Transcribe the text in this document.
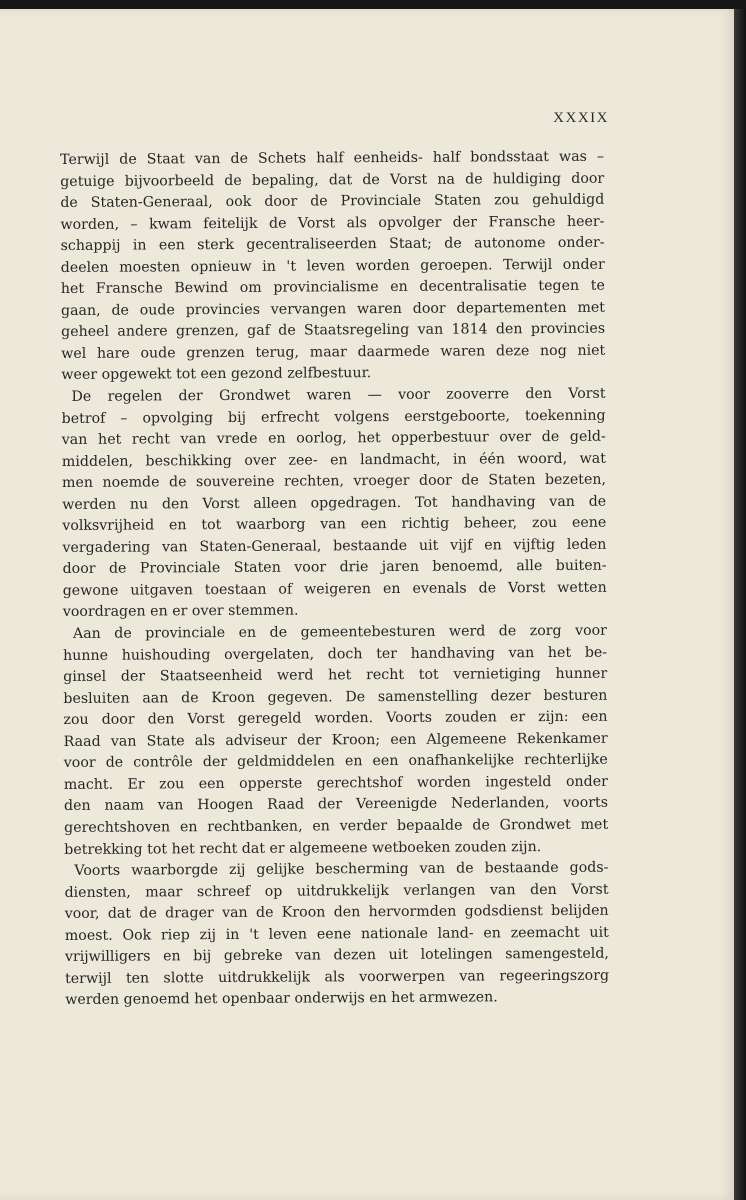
XXXIX
Terwijl de Staat van de Schets half eenheids- half bondsstaat was –
getuige bijvoorbeeld de bepaling, dat de Vorst na de huldiging door
de Staten-Generaal, ook door de Provinciale Staten zou gehuldigd
worden, – kwam feitelijk de Vorst als opvolger der Fransche heer-
schappij in een sterk gecentraliseerden Staat; de autonome onder-
deelen moesten opnieuw in 't leven worden geroepen. Terwijl onder
het Fransche Bewind om provincialisme en decentralisatie tegen te
gaan, de oude provincies vervangen waren door departementen met
geheel andere grenzen, gaf de Staatsregeling van 1814 den provincies
wel hare oude grenzen terug, maar daarmede waren deze nog niet
weer opgewekt tot een gezond zelfbestuur.
De regelen der Grondwet waren — voor zooverre den Vorst
betrof – opvolging bij erfrecht volgens eerstgeboorte, toekenning
van het recht van vrede en oorlog, het opperbestuur over de geld-
middelen, beschikking over zee- en landmacht, in één woord, wat
men noemde de souvereine rechten, vroeger door de Staten bezeten,
werden nu den Vorst alleen opgedragen. Tot handhaving van de
volksvrijheid en tot waarborg van een richtig beheer, zou eene
vergadering van Staten-Generaal, bestaande uit vijf en vijftig leden
door de Provinciale Staten voor drie jaren benoemd, alle buiten-
gewone uitgaven toestaan of weigeren en evenals de Vorst wetten
voordragen en er over stemmen.
Aan de provinciale en de gemeentebesturen werd de zorg voor
hunne huishouding overgelaten, doch ter handhaving van het be-
ginsel der Staatseenheid werd het recht tot vernietiging hunner
besluiten aan de Kroon gegeven. De samenstelling dezer besturen
zou door den Vorst geregeld worden. Voorts zouden er zijn: een
Raad van State als adviseur der Kroon; een Algemeene Rekenkamer
voor de contrôle der geldmiddelen en een onafhankelijke rechterlijke
macht. Er zou een opperste gerechtshof worden ingesteld onder
den naam van Hoogen Raad der Vereenigde Nederlanden, voorts
gerechtshoven en rechtbanken, en verder bepaalde de Grondwet met
betrekking tot het recht dat er algemeene wetboeken zouden zijn.
Voorts waarborgde zij gelijke bescherming van de bestaande gods-
diensten, maar schreef op uitdrukkelijk verlangen van den Vorst
voor, dat de drager van de Kroon den hervormden godsdienst belijden
moest. Ook riep zij in 't leven eene nationale land- en zeemacht uit
vrijwilligers en bij gebreke van dezen uit lotelingen samengesteld,
terwijl ten slotte uitdrukkelijk als voorwerpen van regeeringszorg
werden genoemd het openbaar onderwijs en het armwezen.
